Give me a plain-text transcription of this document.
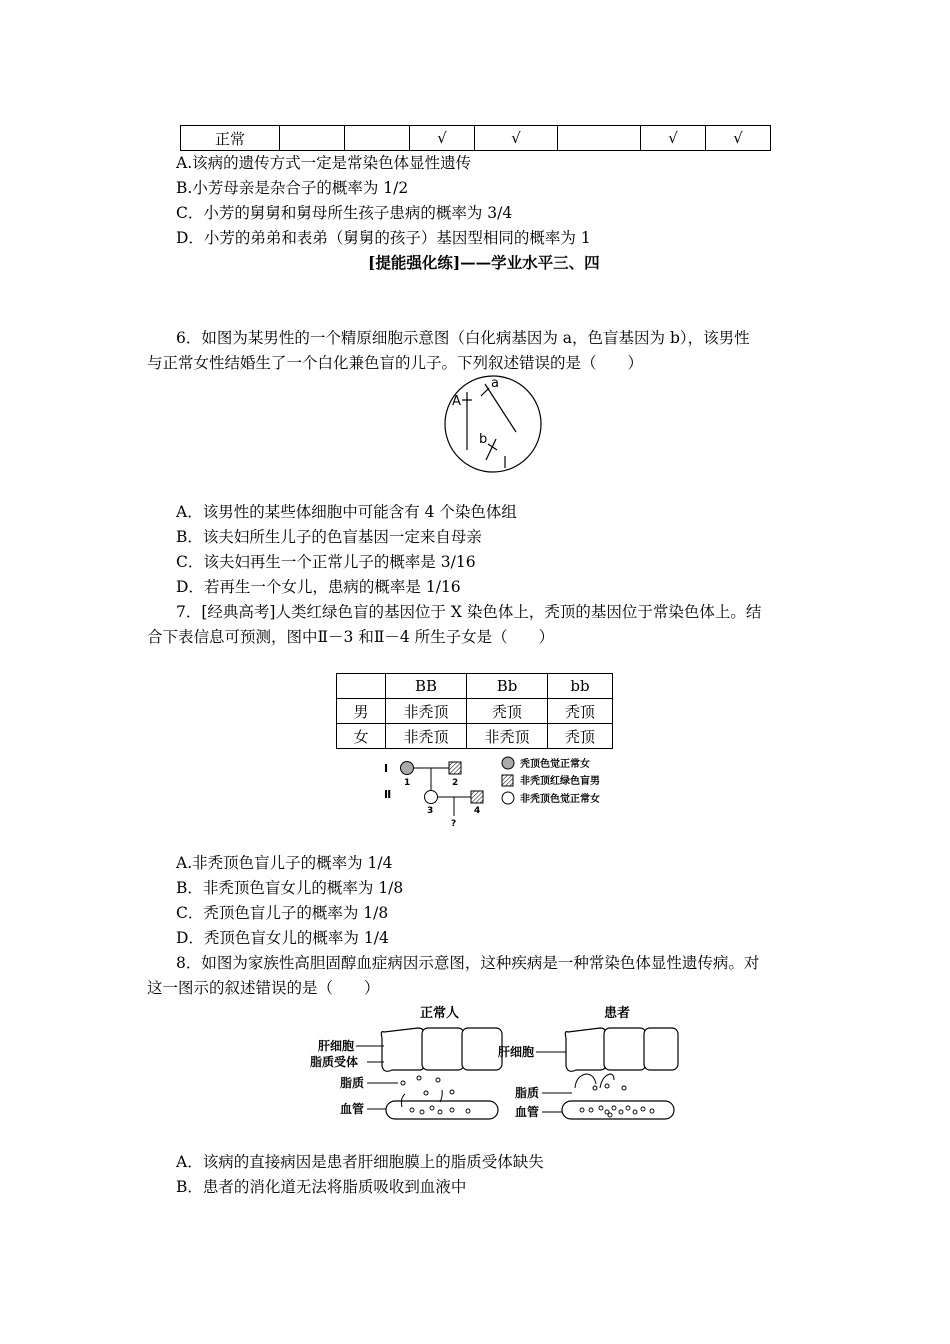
正常			√	√		√	√
A.该病的遗传方式一定是常染色体显性遗传
B.小芳母亲是杂合子的概率为 1/2
C．小芳的舅舅和舅母所生孩子患病的概率为 3/4
D．小芳的弟弟和表弟（舅舅的孩子）基因型相同的概率为 1
[提能强化练]——学业水平三、四
6．如图为某男性的一个精原细胞示意图（白化病基因为 a，色盲基因为 b），该男性
与正常女性结婚生了一个白化兼色盲的儿子。下列叙述错误的是（　　）
A
a
b
A．该男性的某些体细胞中可能含有 4 个染色体组
B．该夫妇所生儿子的色盲基因一定来自母亲
C．该夫妇再生一个正常儿子的概率是 3/16
D．若再生一个女儿，患病的概率是 1/16
7．[经典高考]人类红绿色盲的基因位于 X 染色体上，秃顶的基因位于常染色体上。结
合下表信息可预测，图中Ⅱ－3 和Ⅱ－4 所生子女是（　　）
	BB	Bb	bb
男	非秃顶	秃顶	秃顶
女	非秃顶	非秃顶	秃顶
Ⅰ
Ⅱ
1	2
3	4
?
秃顶色觉正常女
非秃顶红绿色盲男
非秃顶色觉正常女
A.非秃顶色盲儿子的概率为 1/4
B．非秃顶色盲女儿的概率为 1/8
C．秃顶色盲儿子的概率为 1/8
D．秃顶色盲女儿的概率为 1/4
8．如图为家族性高胆固醇血症病因示意图，这种疾病是一种常染色体显性遗传病。对
这一图示的叙述错误的是（　　）
正常人
肝细胞
脂质受体
脂质
血管
患者
肝细胞
脂质
血管
A．该病的直接病因是患者肝细胞膜上的脂质受体缺失
B．患者的消化道无法将脂质吸收到血液中
